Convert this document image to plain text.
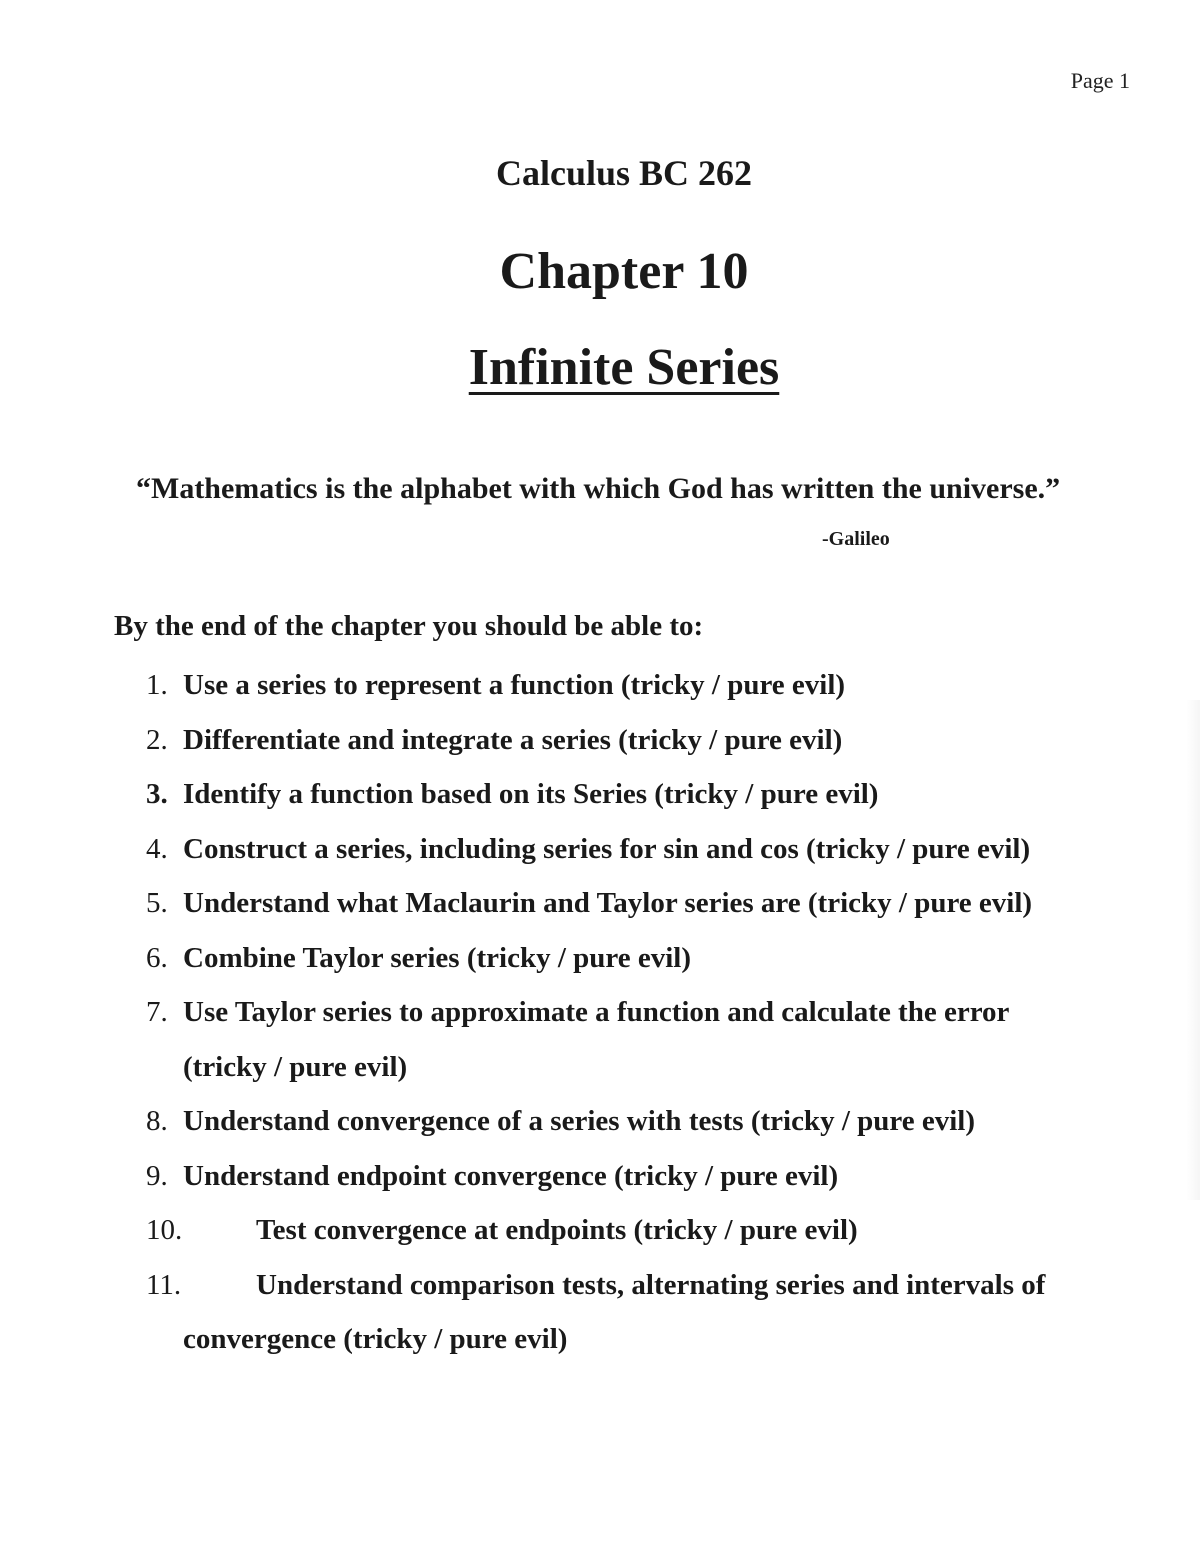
Page 1
Calculus BC 262
Chapter 10
Infinite Series
“Mathematics is the alphabet with which God has written the universe.”
-Galileo
By the end of the chapter you should be able to:
1. Use a series to represent a function (tricky / pure evil)
2. Differentiate and integrate a series (tricky / pure evil)
3. Identify a function based on its Series (tricky / pure evil)
4. Construct a series, including series for sin and cos (tricky / pure evil)
5. Understand what Maclaurin and Taylor series are (tricky / pure evil)
6. Combine Taylor series (tricky / pure evil)
7. Use Taylor series to approximate a function and calculate the error
(tricky / pure evil)
8. Understand convergence of a series with tests (tricky / pure evil)
9. Understand endpoint convergence (tricky / pure evil)
10.	Test convergence at endpoints (tricky / pure evil)
11.	Understand comparison tests, alternating series and intervals of
convergence (tricky / pure evil)
